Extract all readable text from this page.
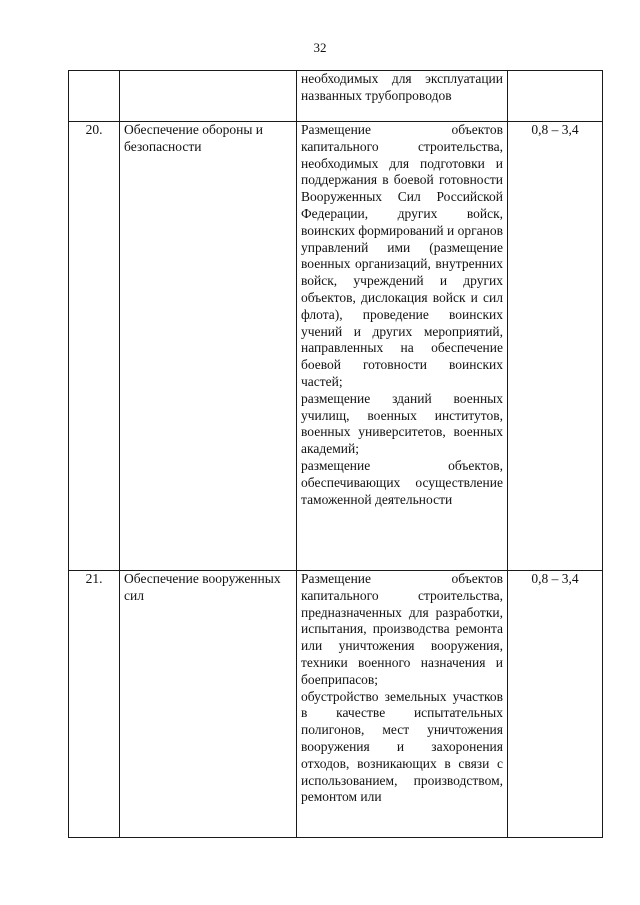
32

		необходимых для эксплуатации названных трубопроводов	

20.	Обеспечение обороны и безопасности	Размещение объектов капитального строительства, необходимых для подготовки и поддержания в боевой готовности Вооруженных Сил Российской Федерации, других войск, воинских формирований и органов управлений ими (размещение военных организаций, внутренних войск, учреждений и других объектов, дислокация войск и сил флота), проведение воинских учений и других мероприятий, направленных на обеспечение боевой готовности воинских частей;
размещение зданий военных училищ, военных институтов, военных университетов, военных академий;
размещение объектов, обеспечивающих осуществление таможенной деятельности	0,8 – 3,4
21.	Обеспечение вооруженных сил	Размещение объектов капитального строительства, предназначенных для разработки, испытания, производства ремонта или уничтожения вооружения, техники военного назначения и боеприпасов;
обустройство земельных участков в качестве испытательных полигонов, мест уничтожения вооружения и захоронения отходов, возникающих в связи с использованием, производством, ремонтом или	0,8 – 3,4
